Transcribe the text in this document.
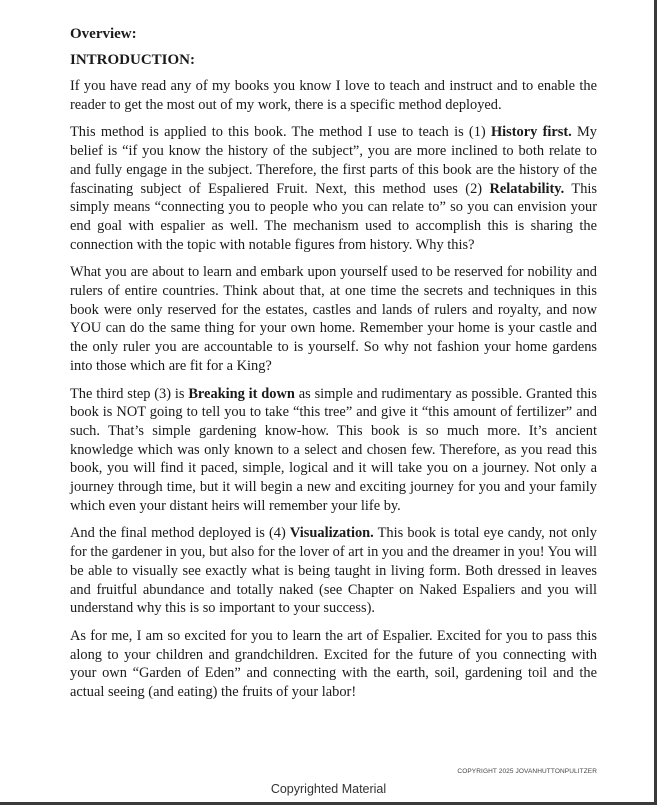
Overview:
INTRODUCTION:

If you have read any of my books you know I love to teach and instruct and to enable the reader to get the most out of my work, there is a specific method deployed.

This method is applied to this book. The method I use to teach is (1) History first. My belief is “if you know the history of the subject”, you are more inclined to both relate to and fully engage in the subject. Therefore, the first parts of this book are the history of the fascinating subject of Espaliered Fruit. Next, this method uses (2) Relatability. This simply means “connecting you to people who you can relate to” so you can envision your end goal with espalier as well. The mechanism used to accomplish this is sharing the connection with the topic with notable figures from history. Why this?

What you are about to learn and embark upon yourself used to be reserved for nobility and rulers of entire countries. Think about that, at one time the secrets and techniques in this book were only reserved for the estates, castles and lands of rulers and royalty, and now YOU can do the same thing for your own home. Remember your home is your castle and the only ruler you are accountable to is yourself. So why not fashion your home gardens into those which are fit for a King?

The third step (3) is Breaking it down as simple and rudimentary as possible. Granted this book is NOT going to tell you to take “this tree” and give it “this amount of fertilizer” and such. That’s simple gardening know-how. This book is so much more. It’s ancient knowledge which was only known to a select and chosen few. Therefore, as you read this book, you will find it paced, simple, logical and it will take you on a journey. Not only a journey through time, but it will begin a new and exciting journey for you and your family which even your distant heirs will remember your life by.

And the final method deployed is (4) Visualization. This book is total eye candy, not only for the gardener in you, but also for the lover of art in you and the dreamer in you! You will be able to visually see exactly what is being taught in living form. Both dressed in leaves and fruitful abundance and totally naked (see Chapter on Naked Espaliers and you will understand why this is so important to your success).

As for me, I am so excited for you to learn the art of Espalier. Excited for you to pass this along to your children and grandchildren. Excited for the future of you connecting with your own “Garden of Eden” and connecting with the earth, soil, gardening toil and the actual seeing (and eating) the fruits of your labor!

COPYRIGHT 2025 JOVANHUTTONPULITZER
Copyrighted Material
